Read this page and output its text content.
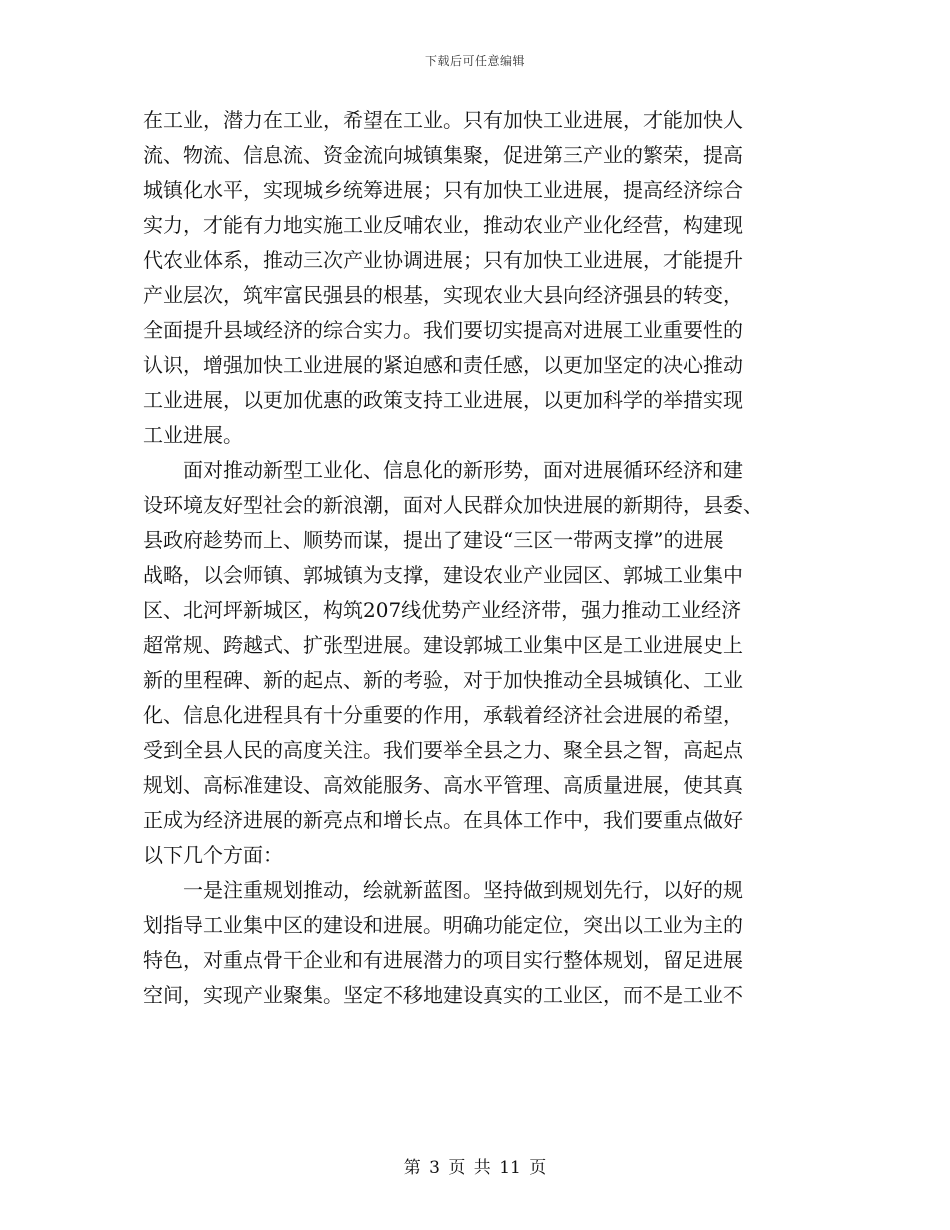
下载后可任意编辑
在工业，潜力在工业，希望在工业。只有加快工业进展，才能加快人
流、物流、信息流、资金流向城镇集聚，促进第三产业的繁荣，提高
城镇化水平，实现城乡统筹进展；只有加快工业进展，提高经济综合
实力，才能有力地实施工业反哺农业，推动农业产业化经营，构建现
代农业体系，推动三次产业协调进展；只有加快工业进展，才能提升
产业层次，筑牢富民强县的根基，实现农业大县向经济强县的转变，
全面提升县域经济的综合实力。我们要切实提高对进展工业重要性的
认识，增强加快工业进展的紧迫感和责任感，以更加坚定的决心推动
工业进展，以更加优惠的政策支持工业进展，以更加科学的举措实现
工业进展。
　　面对推动新型工业化、信息化的新形势，面对进展循环经济和建
设环境友好型社会的新浪潮，面对人民群众加快进展的新期待，县委、
县政府趁势而上、顺势而谋，提出了建设“三区一带两支撑”的进展
战略，以会师镇、郭城镇为支撑，建设农业产业园区、郭城工业集中
区、北河坪新城区，构筑207线优势产业经济带，强力推动工业经济
超常规、跨越式、扩张型进展。建设郭城工业集中区是工业进展史上
新的里程碑、新的起点、新的考验，对于加快推动全县城镇化、工业
化、信息化进程具有十分重要的作用，承载着经济社会进展的希望，
受到全县人民的高度关注。我们要举全县之力、聚全县之智，高起点
规划、高标准建设、高效能服务、高水平管理、高质量进展，使其真
正成为经济进展的新亮点和增长点。在具体工作中，我们要重点做好
以下几个方面：
　　一是注重规划推动，绘就新蓝图。坚持做到规划先行，以好的规
划指导工业集中区的建设和进展。明确功能定位，突出以工业为主的
特色，对重点骨干企业和有进展潜力的项目实行整体规划，留足进展
空间，实现产业聚集。坚定不移地建设真实的工业区，而不是工业不
第 3 页 共 11 页
